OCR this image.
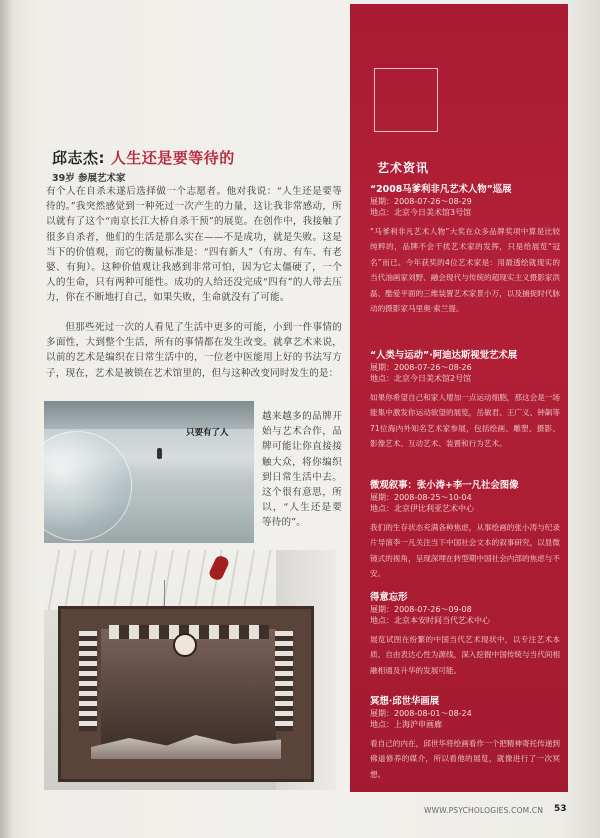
邱志杰: 人生还是要等待的
39岁 参展艺术家
有个人在自杀未遂后选择做一个志愿者。他对我说：“人生还是要等待的。”我突然感觉到一种死过一次产生的力量，这让我非常感动，所以就有了这个“南京长江大桥自杀干预”的展览。在创作中，我接触了很多自杀者，他们的生活是那么实在——不是成功，就是失败。这是当下的价值观，而它的衡量标准是：“四有新人”（有房、有车、有老婆、有狗）。这种价值观让我感到非常可怕，因为它太僵硬了，一个人的生命，只有两种可能性。成功的人给还没完成“四有”的人带去压力，你在不断地打自己，如果失败，生命就没有了可能。
但那些死过一次的人看见了生活中更多的可能，小到一件事情的多面性，大到整个生活，所有的事情都在发生改变。就拿艺术来说，以前的艺术是编织在日常生活中的，一位老中医能用上好的书法写方子，现在，艺术是被锁在艺术馆里的，但与这种改变同时发生的是：
越来越多的品牌开始与艺术合作，品牌可能让你直接接触大众，将你编织到日常生活中去。这个很有意思，所以，“人生还是要等待的”。
只要有了人
艺术资讯
“2008马爹利非凡艺术人物”巡展
展期：2008-07-26～08-29
地点：北京今日美术馆3号馆
“马爹利非凡艺术人物”大奖在众多品牌奖项中算是比较纯粹的，品牌不会干扰艺术家的发挥，只是给展览“冠名”而已。今年获奖的4位艺术家是：用最透绘就现实的当代油画家刘野、融会现代与传统的超现实主义摄影家洪磊、酷爱平面的三维装置艺术家景小万，以及捕捉时代脉动的摄影家马里奥·索兰提。
“人类与运动”·阿迪达斯视觉艺术展
展期：2008-07-26～08-26
地点：北京今日美术馆2号馆
如果你希望自己和家人增加一点运动细胞，那这会是一场能集中激发你运动欲望的展览，岳敏君、王广义、钟飙等71位海内外知名艺术家参展，包括绘画、雕塑、摄影、影像艺术、互动艺术、装置和行为艺术。
微观叙事：张小涛+李一凡社会图像
展期：2008-08-25～10-04
地点：北京伊比利亚艺术中心
我们的生存状态充满各种焦虑，从事绘画的张小涛与纪录片导演李一凡关注当下中国社会文本的叙事研究，以显微镜式的视角，呈现深埋在转型期中国社会内部的焦虑与不安。
得意忘形
展期：2008-07-26～09-08
地点：北京本安时间当代艺术中心
展览试图在纷繁的中国当代艺术现状中，以专注艺术本质、自由表达心性为源线，深入挖掘中国传统与当代间相融相通及升华的发展可能。
冥想·邱世华画展
展期：2008-08-01～08-24
地点：上海沪申画廊
看自己的内在，邱世华将绘画看作一个把精神寄托传递到佛道修养的媒介，所以看他的展览，就像进行了一次冥想。
WWW.PSYCHOLOGIES.COM.CN 53
